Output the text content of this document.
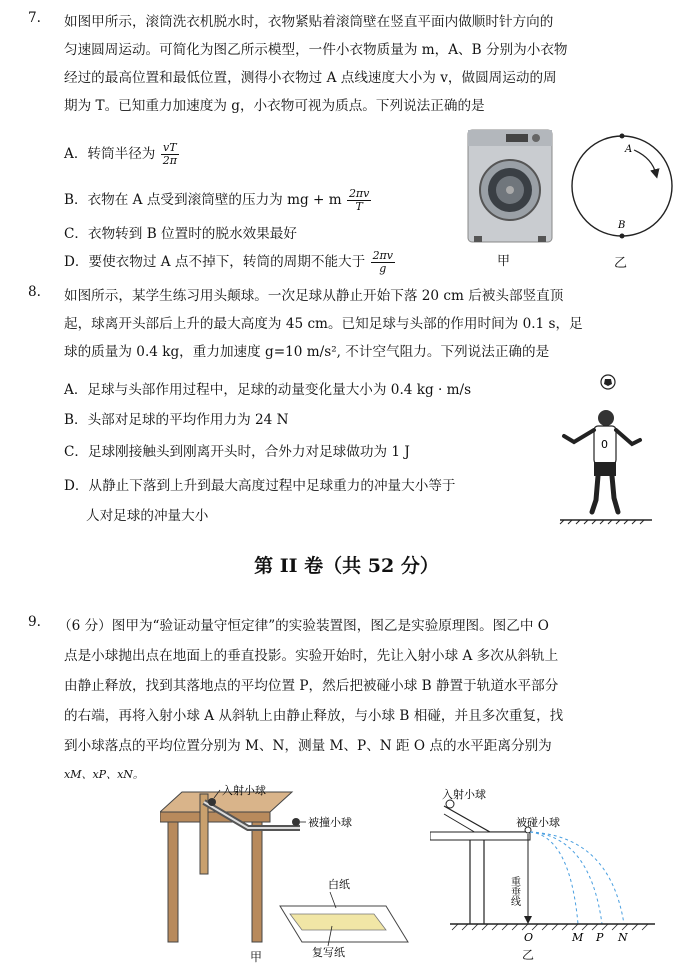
7. 如图甲所示，滚筒洗衣机脱水时，衣物紧贴着滚筒壁在竖直平面内做顺时针方向的
匀速圆周运动。可简化为图乙所示模型，一件小衣物质量为 m，A、B 分别为小衣物
经过的最高位置和最低位置，测得小衣物过 A 点线速度大小为 v，做圆周运动的周
期为 T。已知重力加速度为 g，小衣物可视为质点。下列说法正确的是
A．转筒半径为 $\frac{vT}{2\pi}$
B．衣物在 A 点受到滚筒壁的压力为 mg + m $\frac{2\pi v}{T}$
C．衣物转到 B 位置时的脱水效果最好
D．要使衣物过 A 点不掉下，转筒的周期不能大于 $\frac{2\pi v}{g}$	甲
A
B
乙
8. 如图所示，某学生练习用头颠球。一次足球从静止开始下落 20 cm 后被头部竖直顶
起，球离开头部后上升的最大高度为 45 cm。已知足球与头部的作用时间为 0.1 s，足
球的质量为 0.4 kg，重力加速度 g=10 m/s², 不计空气阻力。下列说法正确的是
A．足球与头部作用过程中，足球的动量变化量大小为 0.4 kg · m/s
B．头部对足球的平均作用力为 24 N
C．足球刚接触头到刚离开头时，合外力对足球做功为 1 J
D．从静止下落到上升到最大高度过程中足球重力的冲量大小等于
人对足球的冲量大小
0
第 II 卷（共 52 分）
9. （6 分）图甲为“验证动量守恒定律”的实验装置图，图乙是实验原理图。图乙中 O
点是小球抛出点在地面上的垂直投影。实验开始时，先让入射小球 A 多次从斜轨上
由静止释放，找到其落地点的平均位置 P，然后把被碰小球 B 静置于轨道水平部分
的右端，再将入射小球 A 从斜轨上由静止释放，与小球 B 相碰，并且多次重复，找
到小球落点的平均位置分别为 M、N，测量 M、P、N 距 O 点的水平距离分别为
xM、xP、xN。
入射小球
被撞小球
白纸
复写纸
甲
入射小球
被碰小球
重垂线
O	M P N
乙
